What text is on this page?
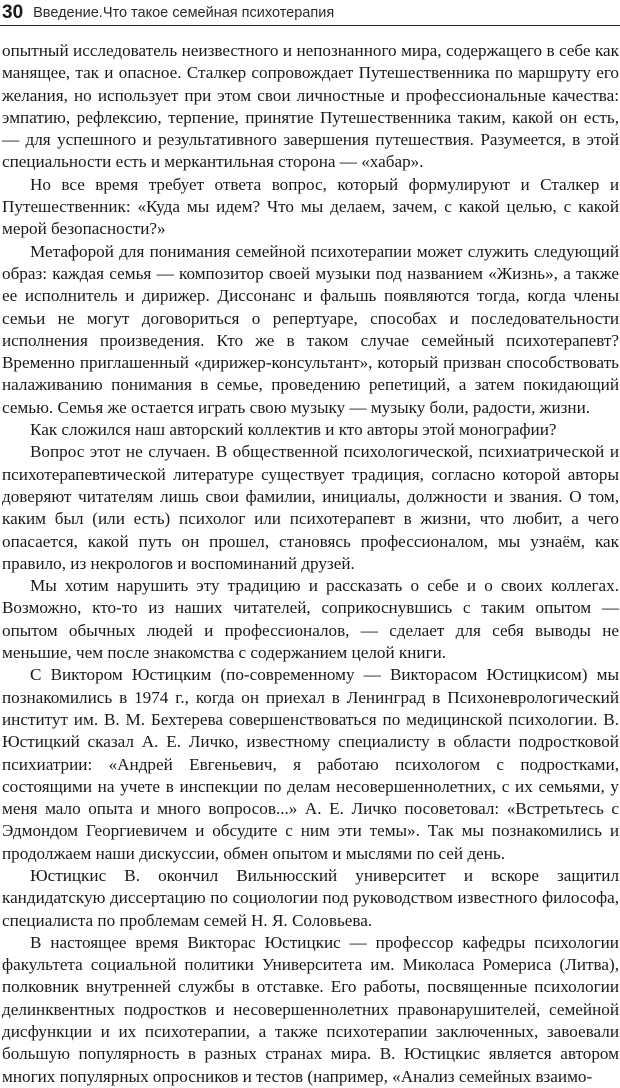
30 Введение.Что такое семейная психотерапия

опытный исследователь неизвестного и непознанного мира, содержащего в себе как манящее, так и опасное. Сталкер сопровождает Путешественника по маршруту его желания, но использует при этом свои личностные и профессиональные качества: эмпатию, рефлексию, терпение, принятие Путешественника таким, какой он есть, — для успешного и результативного завершения путешествия. Разумеется, в этой специальности есть и меркантильная сторона — «хабар».

Но все время требует ответа вопрос, который формулируют и Сталкер и Путешественник: «Куда мы идем? Что мы делаем, зачем, с какой целью, с какой мерой безопасности?»

Метафорой для понимания семейной психотерапии может служить следующий образ: каждая семья — композитор своей музыки под названием «Жизнь», а также ее исполнитель и дирижер. Диссонанс и фальшь появляются тогда, когда члены семьи не могут договориться о репертуаре, способах и последовательности исполнения произведения. Кто же в таком случае семейный психотерапевт? Временно приглашенный «дирижер-консультант», который призван способствовать налаживанию понимания в семье, проведению репетиций, а затем покидающий семью. Семья же остается играть свою музыку — музыку боли, радости, жизни.

Как сложился наш авторский коллектив и кто авторы этой монографии?

Вопрос этот не случаен. В общественной психологической, психиатрической и психотерапевтической литературе существует традиция, согласно которой авторы доверяют читателям лишь свои фамилии, инициалы, должности и звания. О том, каким был (или есть) психолог или психотерапевт в жизни, что любит, а чего опасается, какой путь он прошел, становясь профессионалом, мы узнаём, как правило, из некрологов и воспоминаний друзей.

Мы хотим нарушить эту традицию и рассказать о себе и о своих коллегах. Возможно, кто-то из наших читателей, соприкоснувшись с таким опытом — опытом обычных людей и профессионалов, — сделает для себя выводы не меньшие, чем после знакомства с содержанием целой книги.

С Виктором Юстицким (по-современному — Викторасом Юстицкисом) мы познакомились в 1974 г., когда он приехал в Ленинград в Психоневрологический институт им. В. М. Бехтерева совершенствоваться по медицинской психологии. В. Юстицкий сказал А. Е. Личко, известному специалисту в области подростковой психиатрии: «Андрей Евгеньевич, я работаю психологом с подростками, состоящими на учете в инспекции по делам несовершеннолетних, с их семьями, у меня мало опыта и много вопросов...» А. Е. Личко посоветовал: «Встретьтесь с Эдмондом Георгиевичем и обсудите с ним эти темы». Так мы познакомились и продолжаем наши дискуссии, обмен опытом и мыслями по сей день.

Юстицкис В. окончил Вильнюсский университет и вскоре защитил кандидатскую диссертацию по социологии под руководством известного философа, специалиста по проблемам семей Н. Я. Соловьева.

В настоящее время Викторас Юстицкис — профессор кафедры психологии факультета социальной политики Университета им. Миколаса Ромериса (Литва), полковник внутренней службы в отставке. Его работы, посвященные психологии делинквентных подростков и несовершеннолетних правонарушителей, семейной дисфункции и их психотерапии, а также психотерапии заключенных, завоевали большую популярность в разных странах мира. В. Юстицкис является автором многих популярных опросников и тестов (например, «Анализ семейных взаимо-
